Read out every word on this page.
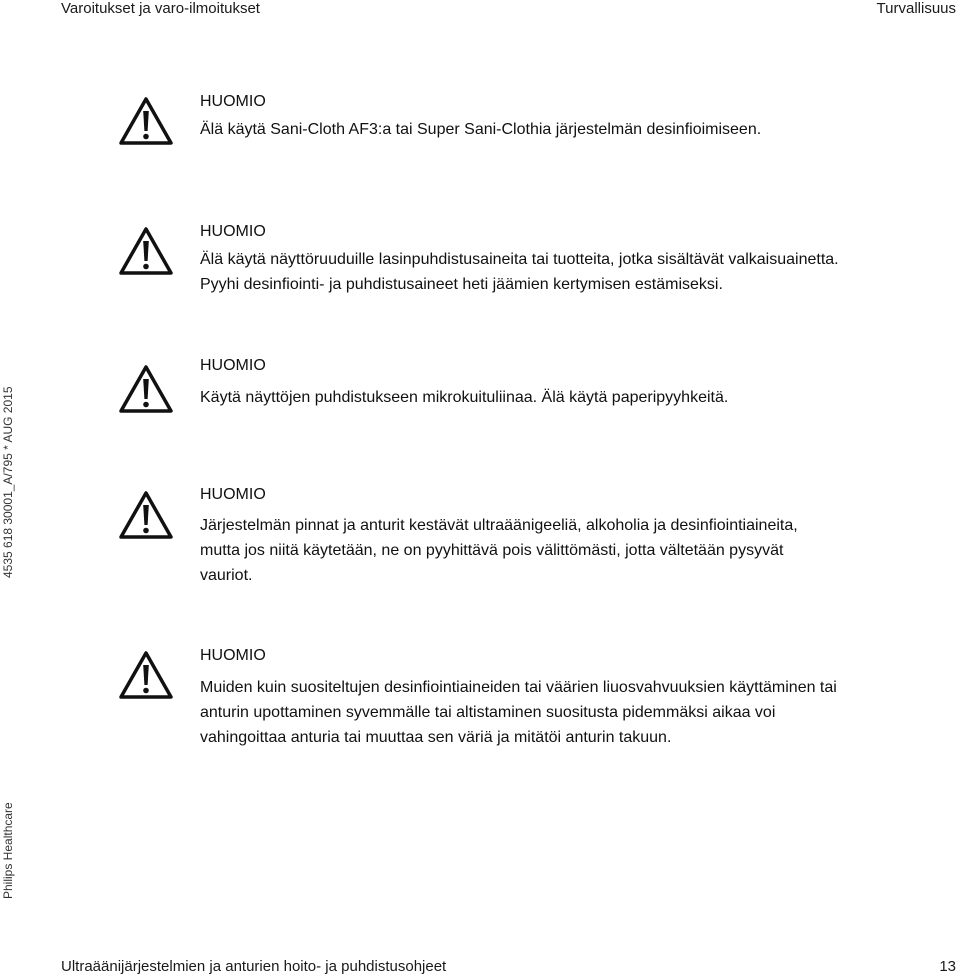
Varoitukset ja varo-ilmoitukset	Turvallisuus
4535 618 30001_A/795 * AUG 2015
Philips Healthcare
HUOMIO
Älä käytä Sani-Cloth AF3:a tai Super Sani-Clothia järjestelmän desinfioimiseen.
HUOMIO
Älä käytä näyttöruuduille lasinpuhdistusaineita tai tuotteita, jotka sisältävät valkaisuainetta.
Pyyhi desinfiointi- ja puhdistusaineet heti jäämien kertymisen estämiseksi.
HUOMIO
Käytä näyttöjen puhdistukseen mikrokuituliinaa. Älä käytä paperipyyhkeitä.
HUOMIO
Järjestelmän pinnat ja anturit kestävät ultraäänigeeliä, alkoholia ja desinfiointiaineita,
mutta jos niitä käytetään, ne on pyyhittävä pois välittömästi, jotta vältetään pysyvät
vauriot.
HUOMIO
Muiden kuin suositeltujen desinfiointiaineiden tai väärien liuosvahvuuksien käyttäminen tai
anturin upottaminen syvemmälle tai altistaminen suositusta pidemmäksi aikaa voi
vahingoittaa anturia tai muuttaa sen väriä ja mitätöi anturin takuun.
Ultraäänijärjestelmien ja anturien hoito- ja puhdistusohjeet	13
